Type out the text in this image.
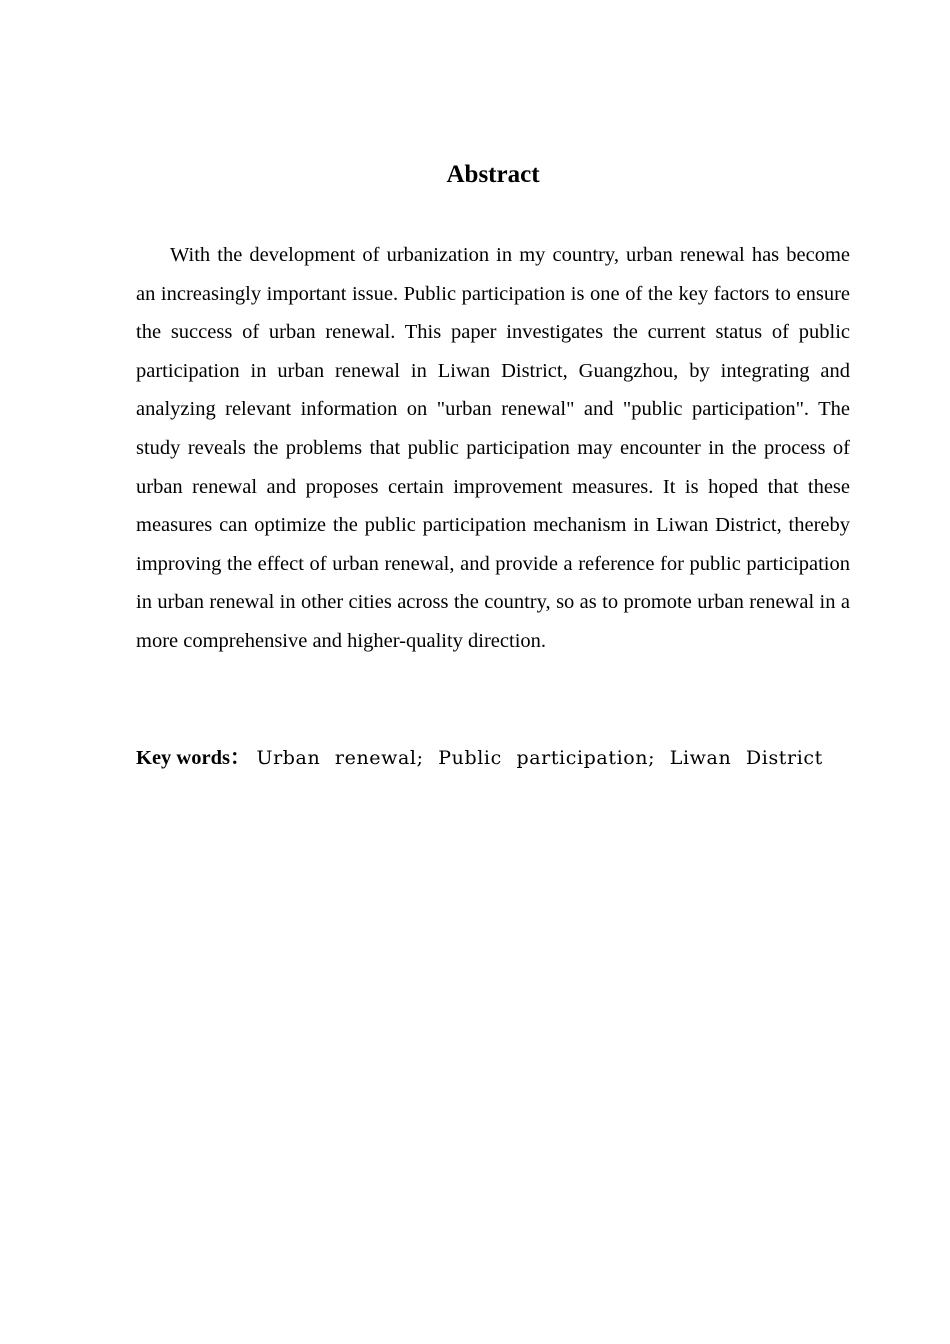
Abstract

With the development of urbanization in my country, urban renewal has become an increasingly important issue. Public participation is one of the key factors to ensure the success of urban renewal. This paper investigates the current status of public participation in urban renewal in Liwan District, Guangzhou, by integrating and analyzing relevant information on "urban renewal" and "public participation". The study reveals the problems that public participation may encounter in the process of urban renewal and proposes certain improvement measures. It is hoped that these measures can optimize the public participation mechanism in Liwan District, thereby improving the effect of urban renewal, and provide a reference for public participation in urban renewal in other cities across the country, so as to promote urban renewal in a more comprehensive and higher-quality direction.

Key words： Urban renewal; Public participation; Liwan District
